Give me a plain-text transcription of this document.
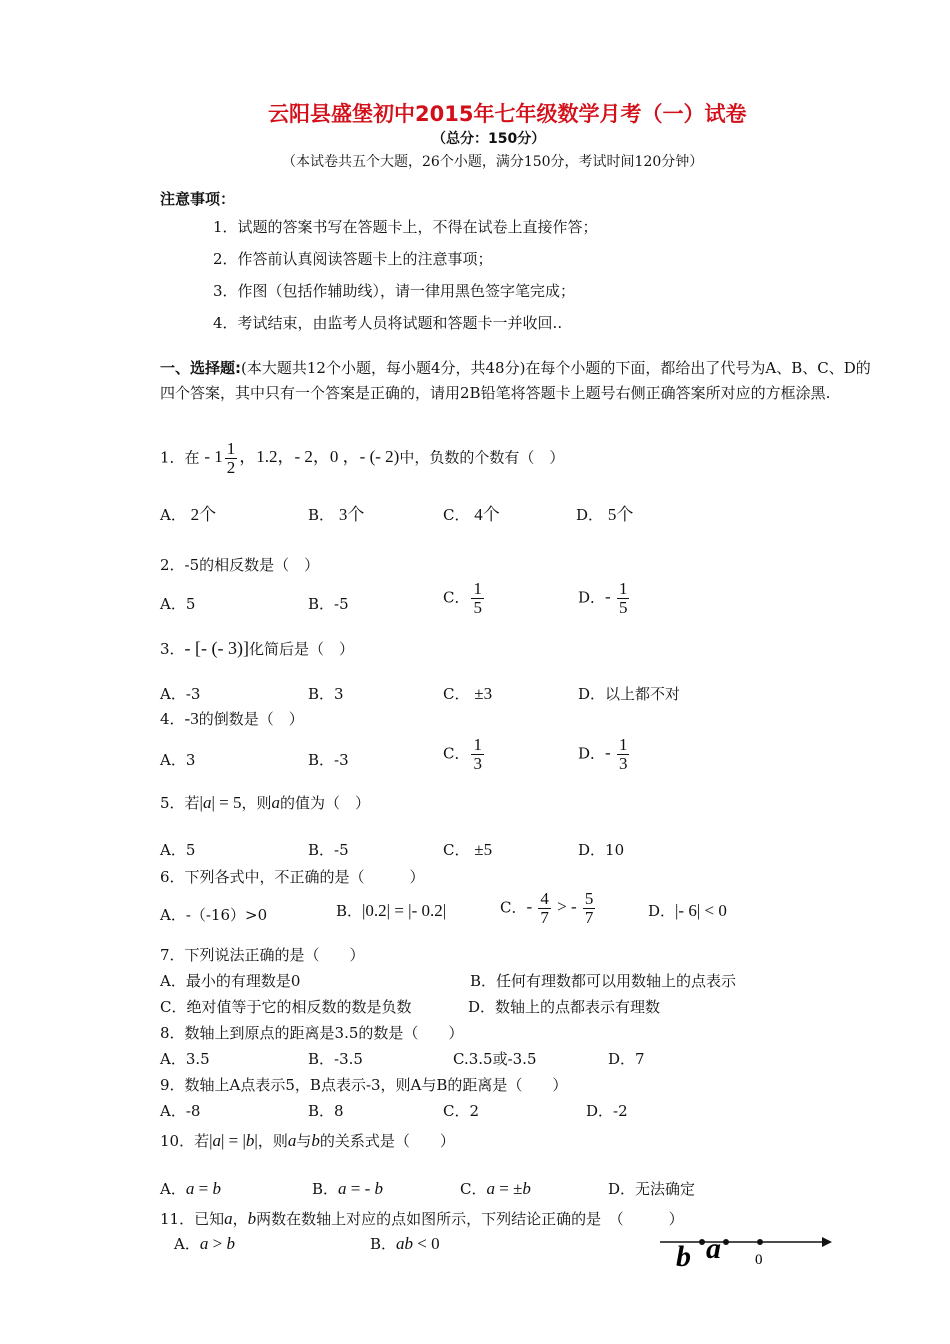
云阳县盛堡初中2015年七年级数学月考（一）试卷
（总分：150分）
（本试卷共五个大题，26个小题，满分150分，考试时间120分钟）
注意事项：
1．试题的答案书写在答题卡上，不得在试卷上直接作答；
2．作答前认真阅读答题卡上的注意事项；
3．作图（包括作辅助线），请一律用黑色签字笔完成；
4．考试结束，由监考人员将试题和答题卡一并收回..
一、选择题:(本大题共12个小题，每小题4分，共48分)在每个小题的下面，都给出了代号为A、B、C、D的四个答案，其中只有一个答案是正确的，请用2B铅笔将答题卡上题号右侧正确答案所对应的方框涂黑.
1．在 - $1 \frac{1}{2}$ ，1.2，- 2，0 ，- (- 2)中，负数的个数有（　）
A． 2个	B． 3个	C． 4个	D． 5个
2．-5的相反数是（　）
A．5	B．-5	C． $\frac{1}{5}$	D．- $\frac{1}{5}$
3．- [- (- 3)]化简后是（　）
A．-3	B．3	C． ±3	D．以上都不对
4．-3的倒数是（　）
A．3	B．-3	C． $\frac{1}{3}$	D．- $\frac{1}{3}$
5．若|a| = 5，则a的值为（　）
A．5	B．-5	C． ±5	D．10
6．下列各式中，不正确的是（　　　）
A．-（-16）>0	B．|0.2| = |- 0.2|	C．- $\frac{4}{7}$ > - $\frac{5}{7}$	D．|- 6| < 0
7．下列说法正确的是（　　）
A．最小的有理数是0	B．任何有理数都可以用数轴上的点表示
C．绝对值等于它的相反数的数是负数	D．数轴上的点都表示有理数
8．数轴上到原点的距离是3.5的数是（　　）
A．3.5	B．-3.5	C.3.5或-3.5	D．7
9．数轴上A点表示5，B点表示-3，则A与B的距离是（　　）
A．-8	B．8	C．2	D．-2
10．若|a| = |b|，则a与b的关系式是（　　）
A．a = b	B．a = - b	C．a = ±b	D．无法确定
11．已知a，b两数在数轴上对应的点如图所示，下列结论正确的是　（　　　）
A．a > b	B．ab < 0	b a 0
